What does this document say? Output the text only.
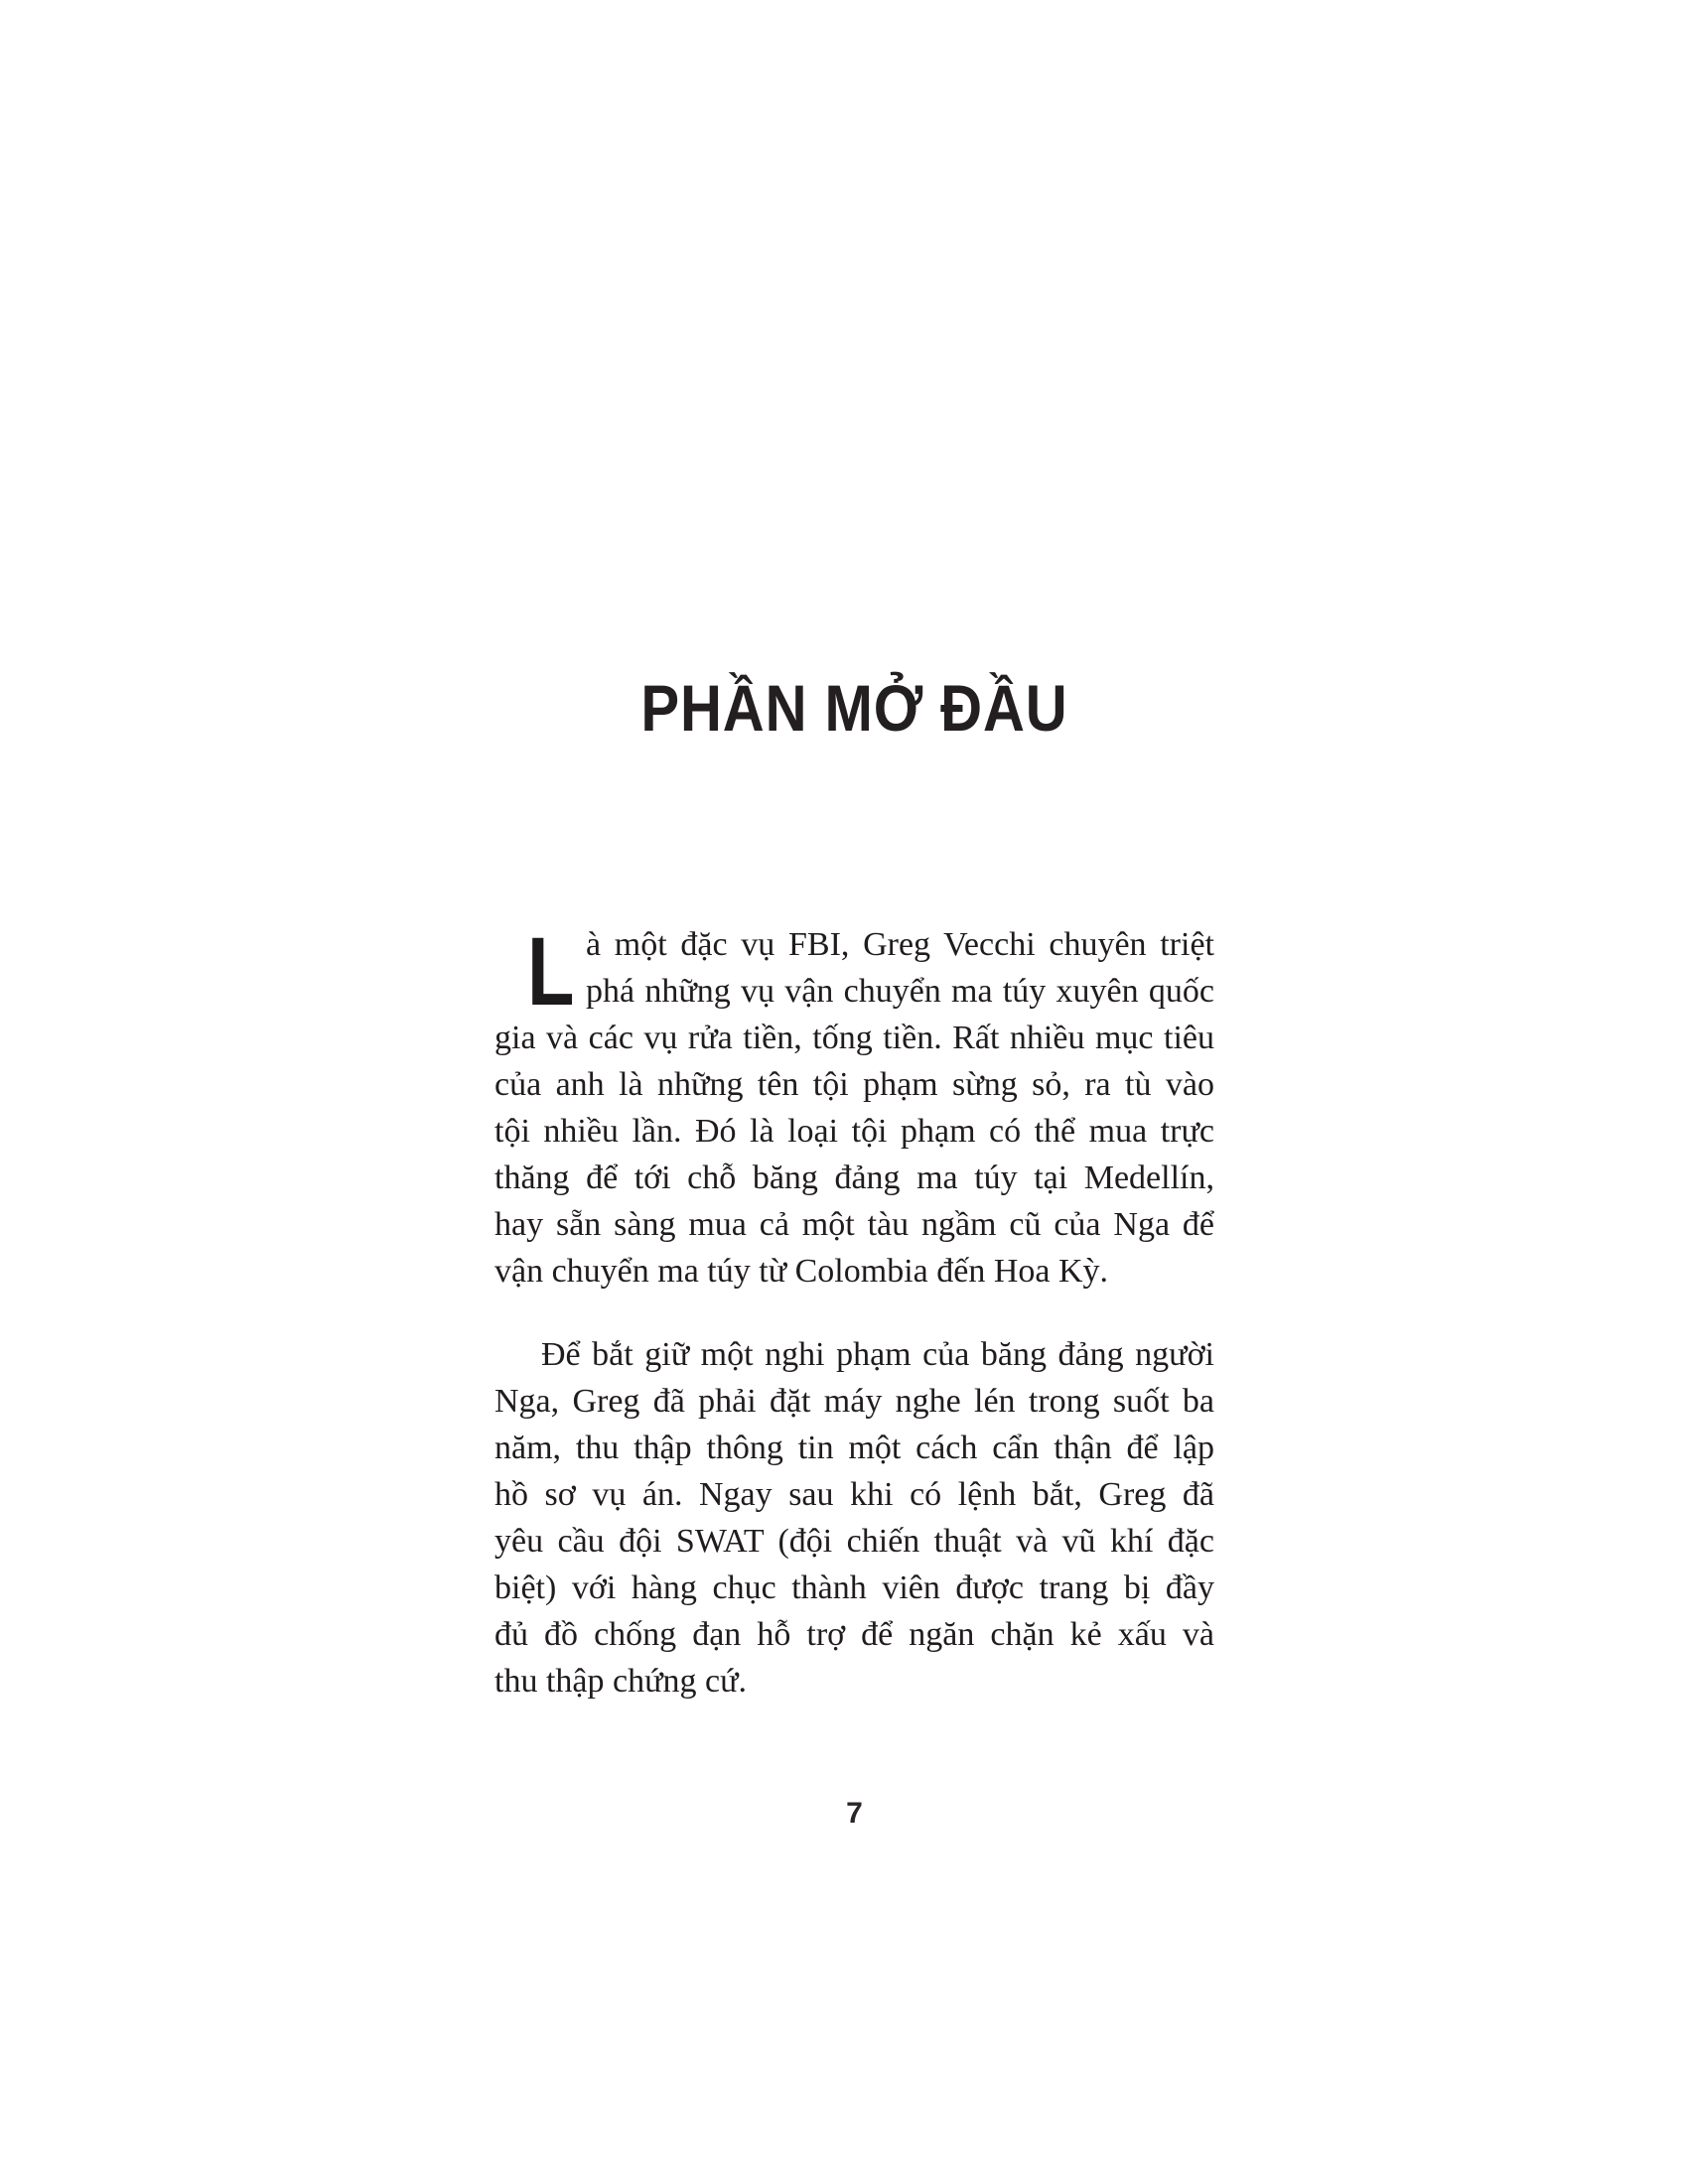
PHẦN MỞ ĐẦU
L à một đặc vụ FBI, Greg Vecchi chuyên triệt
phá những vụ vận chuyển ma túy xuyên quốc
gia và các vụ rửa tiền, tống tiền. Rất nhiều mục tiêu
của anh là những tên tội phạm sừng sỏ, ra tù vào
tội nhiều lần. Đó là loại tội phạm có thể mua trực
thăng để tới chỗ băng đảng ma túy tại Medellín,
hay sẵn sàng mua cả một tàu ngầm cũ của Nga để
vận chuyển ma túy từ Colombia đến Hoa Kỳ.
Để bắt giữ một nghi phạm của băng đảng người
Nga, Greg đã phải đặt máy nghe lén trong suốt ba
năm, thu thập thông tin một cách cẩn thận để lập
hồ sơ vụ án. Ngay sau khi có lệnh bắt, Greg đã
yêu cầu đội SWAT (đội chiến thuật và vũ khí đặc
biệt) với hàng chục thành viên được trang bị đầy
đủ đồ chống đạn hỗ trợ để ngăn chặn kẻ xấu và
thu thập chứng cứ.
7
